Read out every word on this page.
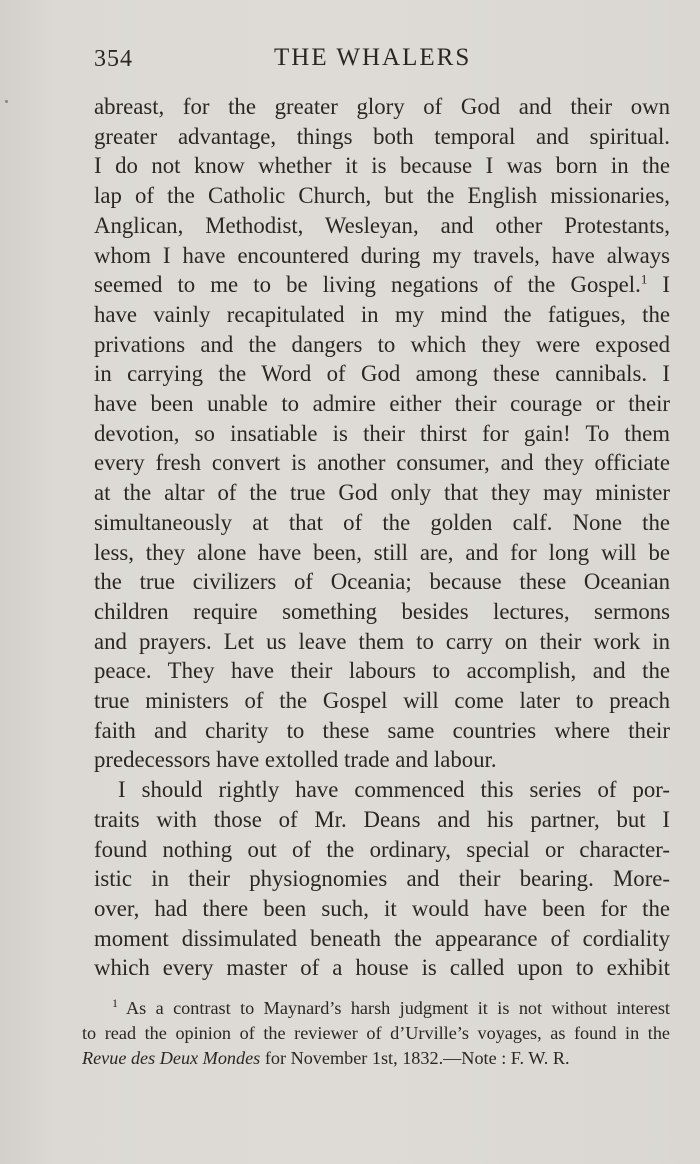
354	THE WHALERS
abreast, for the greater glory of God and their own
greater advantage, things both temporal and spiritual.
I do not know whether it is because I was born in the
lap of the Catholic Church, but the English missionaries,
Anglican, Methodist, Wesleyan, and other Protestants,
whom I have encountered during my travels, have always
seemed to me to be living negations of the Gospel.$^1$ I
have vainly recapitulated in my mind the fatigues, the
privations and the dangers to which they were exposed
in carrying the Word of God among these cannibals. I
have been unable to admire either their courage or their
devotion, so insatiable is their thirst for gain! To them
every fresh convert is another consumer, and they officiate
at the altar of the true God only that they may minister
simultaneously at that of the golden calf. None the
less, they alone have been, still are, and for long will be
the true civilizers of Oceania; because these Oceanian
children require something besides lectures, sermons
and prayers. Let us leave them to carry on their work in
peace. They have their labours to accomplish, and the
true ministers of the Gospel will come later to preach
faith and charity to these same countries where their
predecessors have extolled trade and labour.
I should rightly have commenced this series of por-
traits with those of Mr. Deans and his partner, but I
found nothing out of the ordinary, special or character-
istic in their physiognomies and their bearing. More-
over, had there been such, it would have been for the
moment dissimulated beneath the appearance of cordiality
which every master of a house is called upon to exhibit
$^1$ As a contrast to Maynard’s harsh judgment it is not without interest
to read the opinion of the reviewer of d’Urville’s voyages, as found in the
Revue des Deux Mondes for November 1st, 1832.—Note : F. W. R.
